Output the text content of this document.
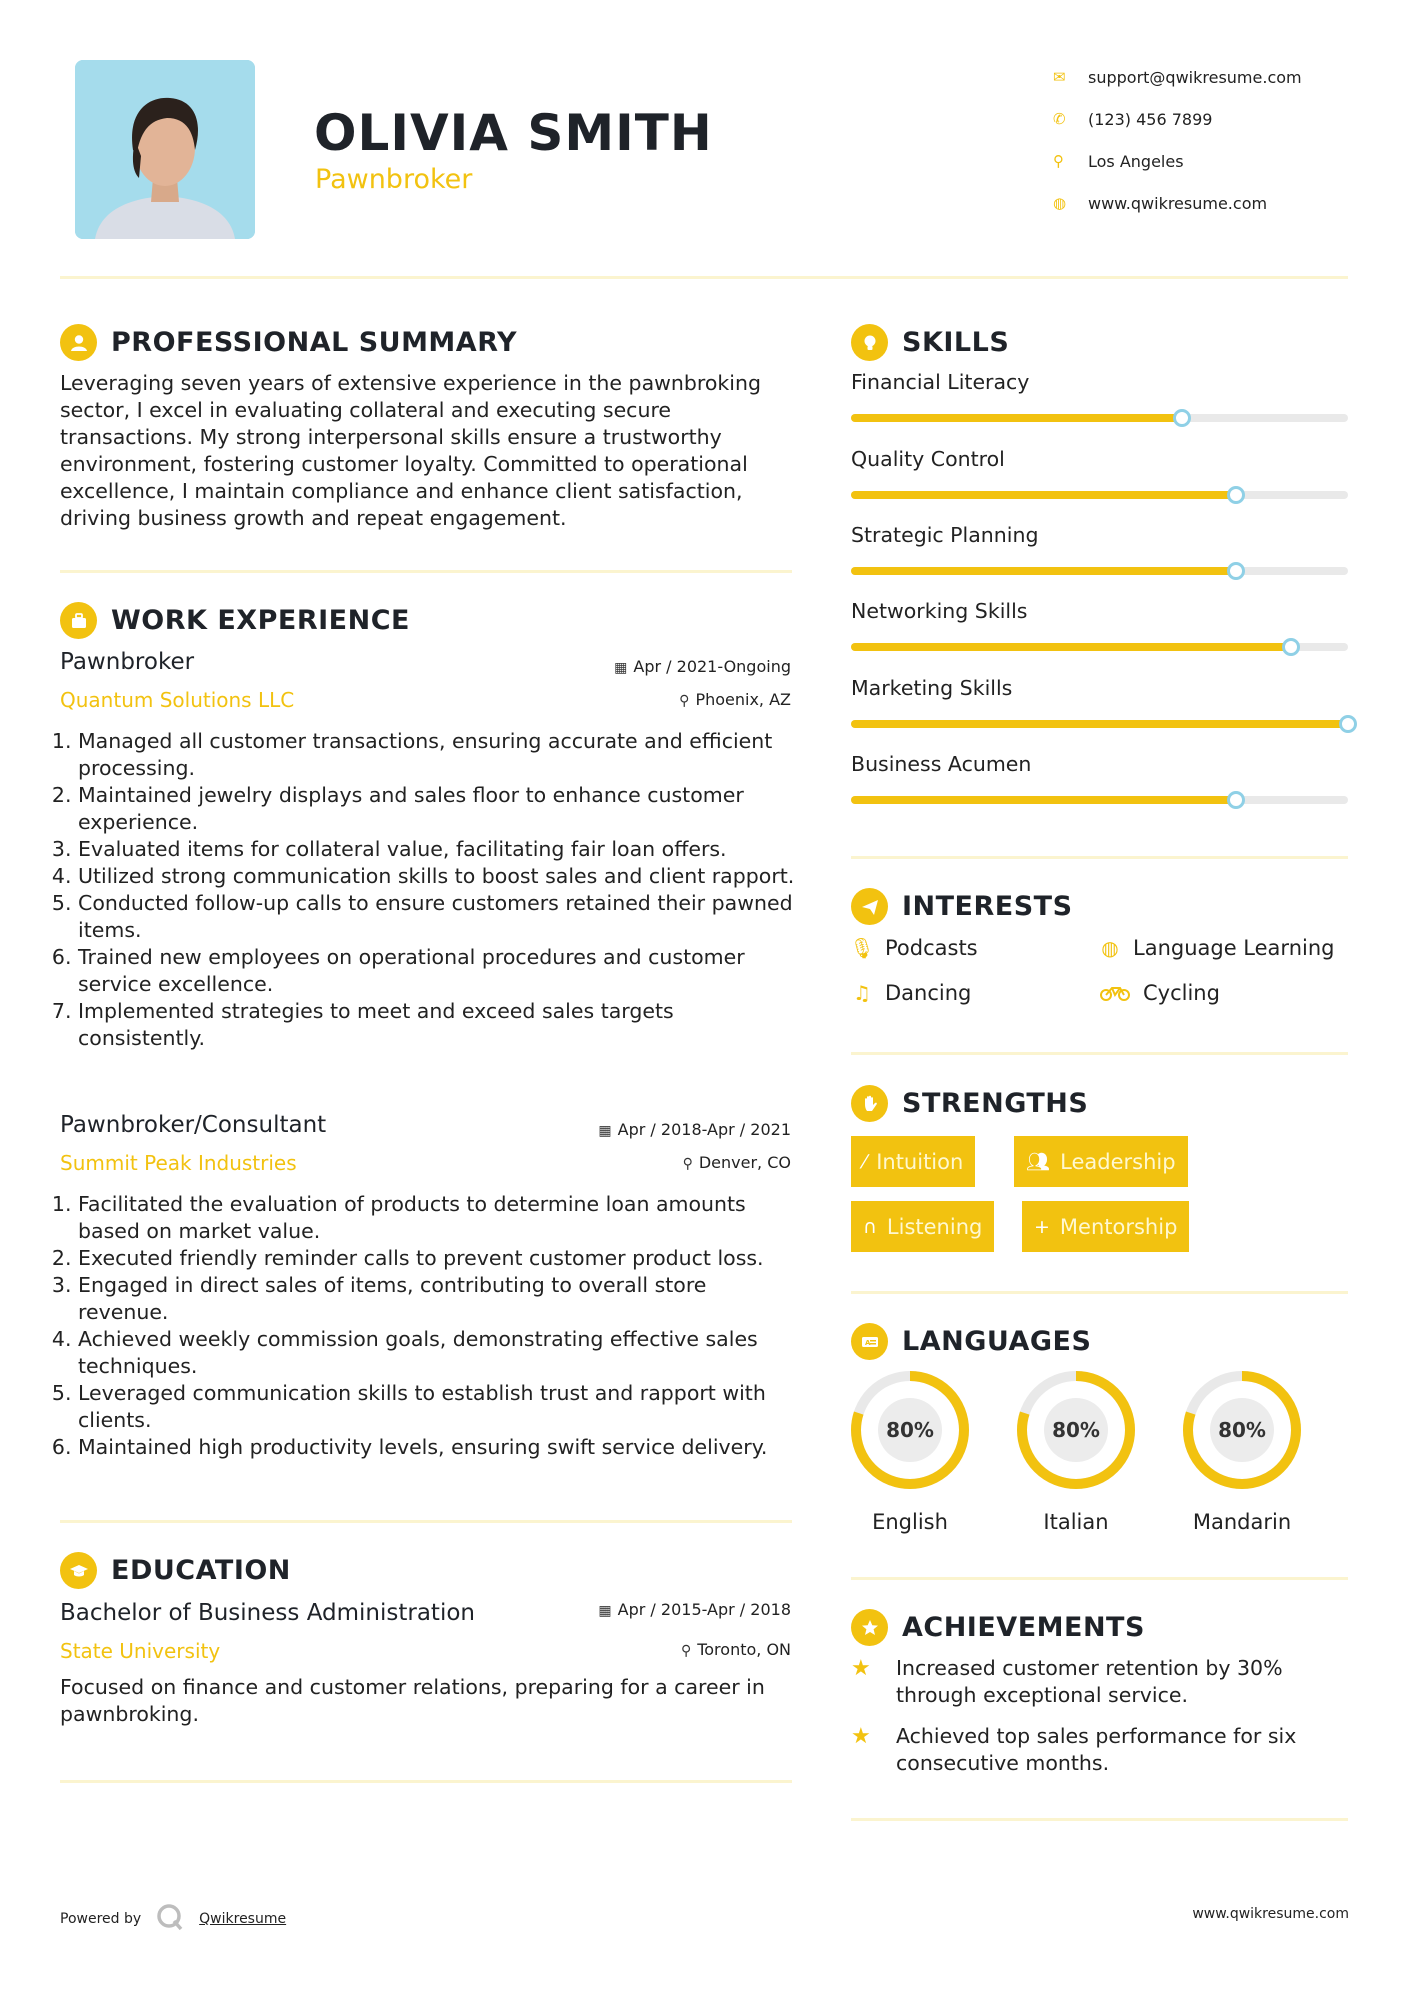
OLIVIA SMITH
Pawnbroker
✉	support@qwikresume.com
✆	(123) 456 7899
⚲	Los Angeles
◍	www.qwikresume.com
PROFESSIONAL SUMMARY
Leveraging seven years of extensive experience in the pawnbroking sector, I excel in evaluating collateral and executing secure transactions. My strong interpersonal skills ensure a trustworthy environment, fostering customer loyalty. Committed to operational excellence, I maintain compliance and enhance client satisfaction, driving business growth and repeat engagement.
WORK EXPERIENCE
Pawnbroker
Quantum Solutions LLC
▦ Apr / 2021-Ongoing
⚲ Phoenix, AZ
1. Managed all customer transactions, ensuring accurate and efficient processing.
2. Maintained jewelry displays and sales floor to enhance customer experience.
3. Evaluated items for collateral value, facilitating fair loan offers.
4. Utilized strong communication skills to boost sales and client rapport.
5. Conducted follow-up calls to ensure customers retained their pawned items.
6. Trained new employees on operational procedures and customer service excellence.
7. Implemented strategies to meet and exceed sales targets consistently.
Pawnbroker/Consultant
Summit Peak Industries
▦ Apr / 2018-Apr / 2021
⚲ Denver, CO
1. Facilitated the evaluation of products to determine loan amounts based on market value.
2. Executed friendly reminder calls to prevent customer product loss.
3. Engaged in direct sales of items, contributing to overall store revenue.
4. Achieved weekly commission goals, demonstrating effective sales techniques.
5. Leveraged communication skills to establish trust and rapport with clients.
6. Maintained high productivity levels, ensuring swift service delivery.
EDUCATION
Bachelor of Business Administration
State University
▦ Apr / 2015-Apr / 2018
⚲ Toronto, ON
Focused on finance and customer relations, preparing for a career in pawnbroking.
SKILLS
Financial Literacy
Quality Control
Strategic Planning
Networking Skills
Marketing Skills
Business Acumen
INTERESTS
🎙︎ Podcasts	◍ Language Learning
♫ Dancing	Cycling
STRENGTHS
⁄ Intuition	👥︎ Leadership
∩ Listening	+ Mentorship
A LANGUAGES
80%
English
80%
Italian
80%
Mandarin
ACHIEVEMENTS
★	Increased customer retention by 30% through exceptional service.
★	Achieved top sales performance for six consecutive months.
Powered by	Qwikresume	www.qwikresume.com
